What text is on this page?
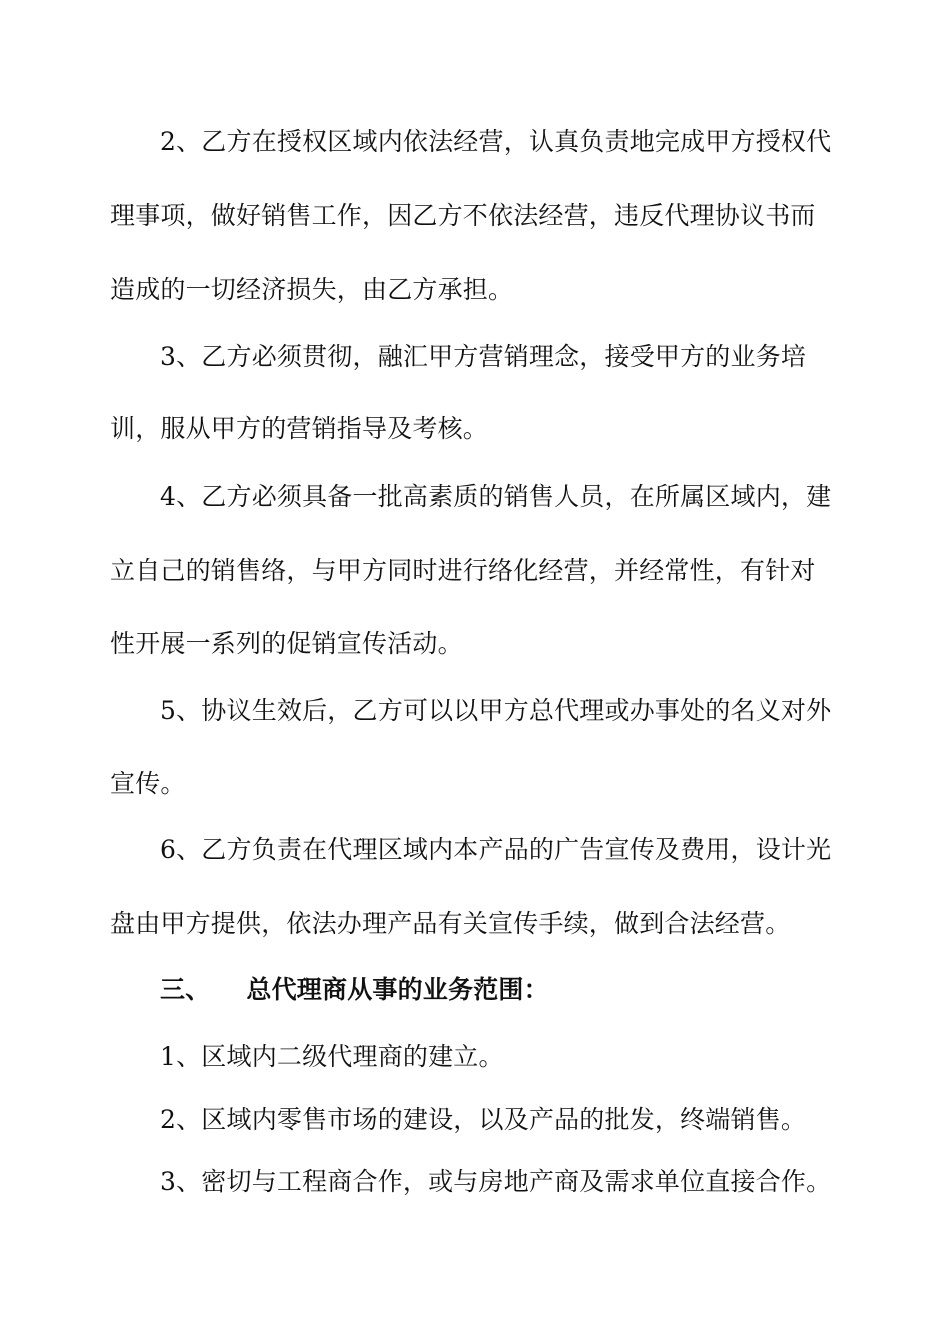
2、乙方在授权区域内依法经营，认真负责地完成甲方授权代
理事项，做好销售工作，因乙方不依法经营，违反代理协议书而
造成的一切经济损失，由乙方承担。
3、乙方必须贯彻，融汇甲方营销理念，接受甲方的业务培
训，服从甲方的营销指导及考核。
4、乙方必须具备一批高素质的销售人员，在所属区域内，建
立自己的销售络，与甲方同时进行络化经营，并经常性，有针对
性开展一系列的促销宣传活动。
5、协议生效后，乙方可以以甲方总代理或办事处的名义对外
宣传。
6、乙方负责在代理区域内本产品的广告宣传及费用，设计光
盘由甲方提供，依法办理产品有关宣传手续，做到合法经营。
三、 总代理商从事的业务范围：
1、区域内二级代理商的建立。
2、区域内零售市场的建设，以及产品的批发，终端销售。
3、密切与工程商合作，或与房地产商及需求单位直接合作。
